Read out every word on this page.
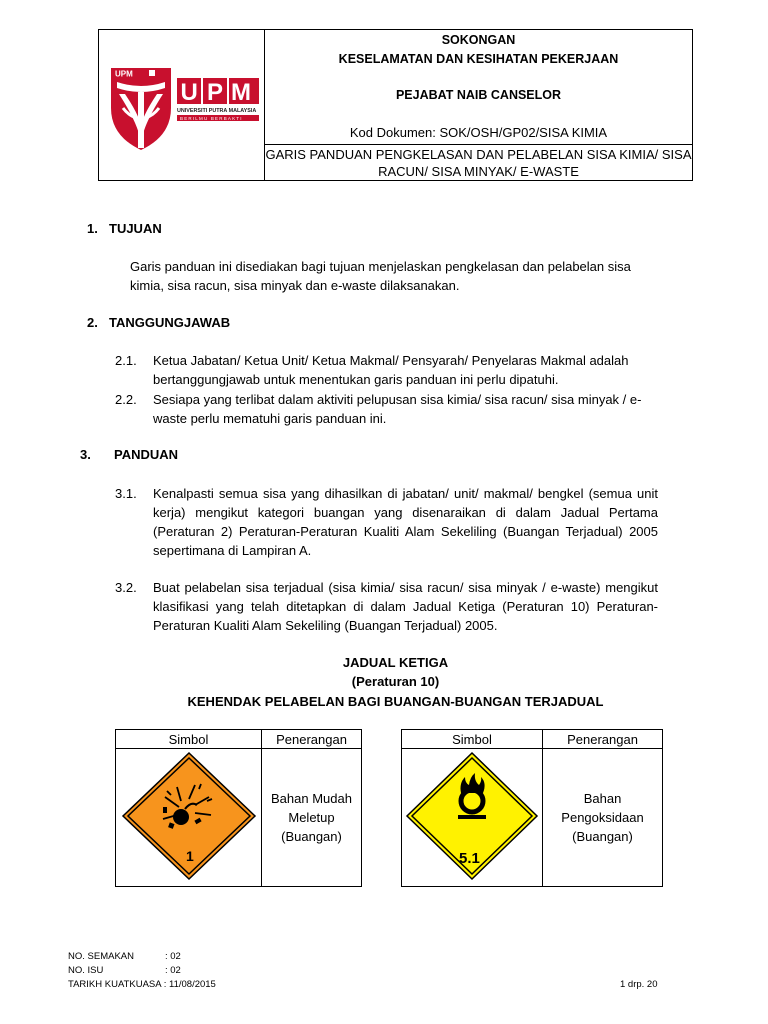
UPM
U P M
UNIVERSITI PUTRA MALAYSIA
BERILMU BERBAKTI
SOKONGAN
KESELAMATAN DAN KESIHATAN PEKERJAAN
PEJABAT NAIB CANSELOR
Kod Dokumen: SOK/OSH/GP02/SISA KIMIA
GARIS PANDUAN PENGKELASAN DAN PELABELAN SISA KIMIA/ SISA
RACUN/ SISA MINYAK/ E-WASTE
1. TUJUAN
Garis panduan ini disediakan bagi tujuan menjelaskan pengkelasan dan pelabelan sisa kimia, sisa racun, sisa minyak dan e-waste dilaksanakan.
2. TANGGUNGJAWAB
2.1. Ketua Jabatan/ Ketua Unit/ Ketua Makmal/ Pensyarah/ Penyelaras Makmal adalah bertanggungjawab untuk menentukan garis panduan ini perlu dipatuhi.
2.2. Sesiapa yang terlibat dalam aktiviti pelupusan sisa kimia/ sisa racun/ sisa minyak / e-waste perlu mematuhi garis panduan ini.
3. PANDUAN
3.1. Kenalpasti semua sisa yang dihasilkan di jabatan/ unit/ makmal/ bengkel (semua unit kerja) mengikut kategori buangan yang disenaraikan di dalam Jadual Pertama (Peraturan 2) Peraturan-Peraturan Kualiti Alam Sekeliling (Buangan Terjadual) 2005 sepertimana di Lampiran A.
3.2. Buat pelabelan sisa terjadual (sisa kimia/ sisa racun/ sisa minyak / e-waste) mengikut klasifikasi yang telah ditetapkan di dalam Jadual Ketiga (Peraturan 10) Peraturan-Peraturan Kualiti Alam Sekeliling (Buangan Terjadual) 2005.
JADUAL KETIGA
(Peraturan 10)
KEHENDAK PELABELAN BAGI BUANGAN-BUANGAN TERJADUAL
Simbol	Penerangan

1	Bahan Mudah
Meletup
(Buangan)
Simbol	Penerangan

5.1	Bahan
Pengoksidaan
(Buangan)
NO. SEMAKAN	: 02
NO. ISU	: 02
TARIKH KUATKUASA : 11/08/2015	1 drp. 20
